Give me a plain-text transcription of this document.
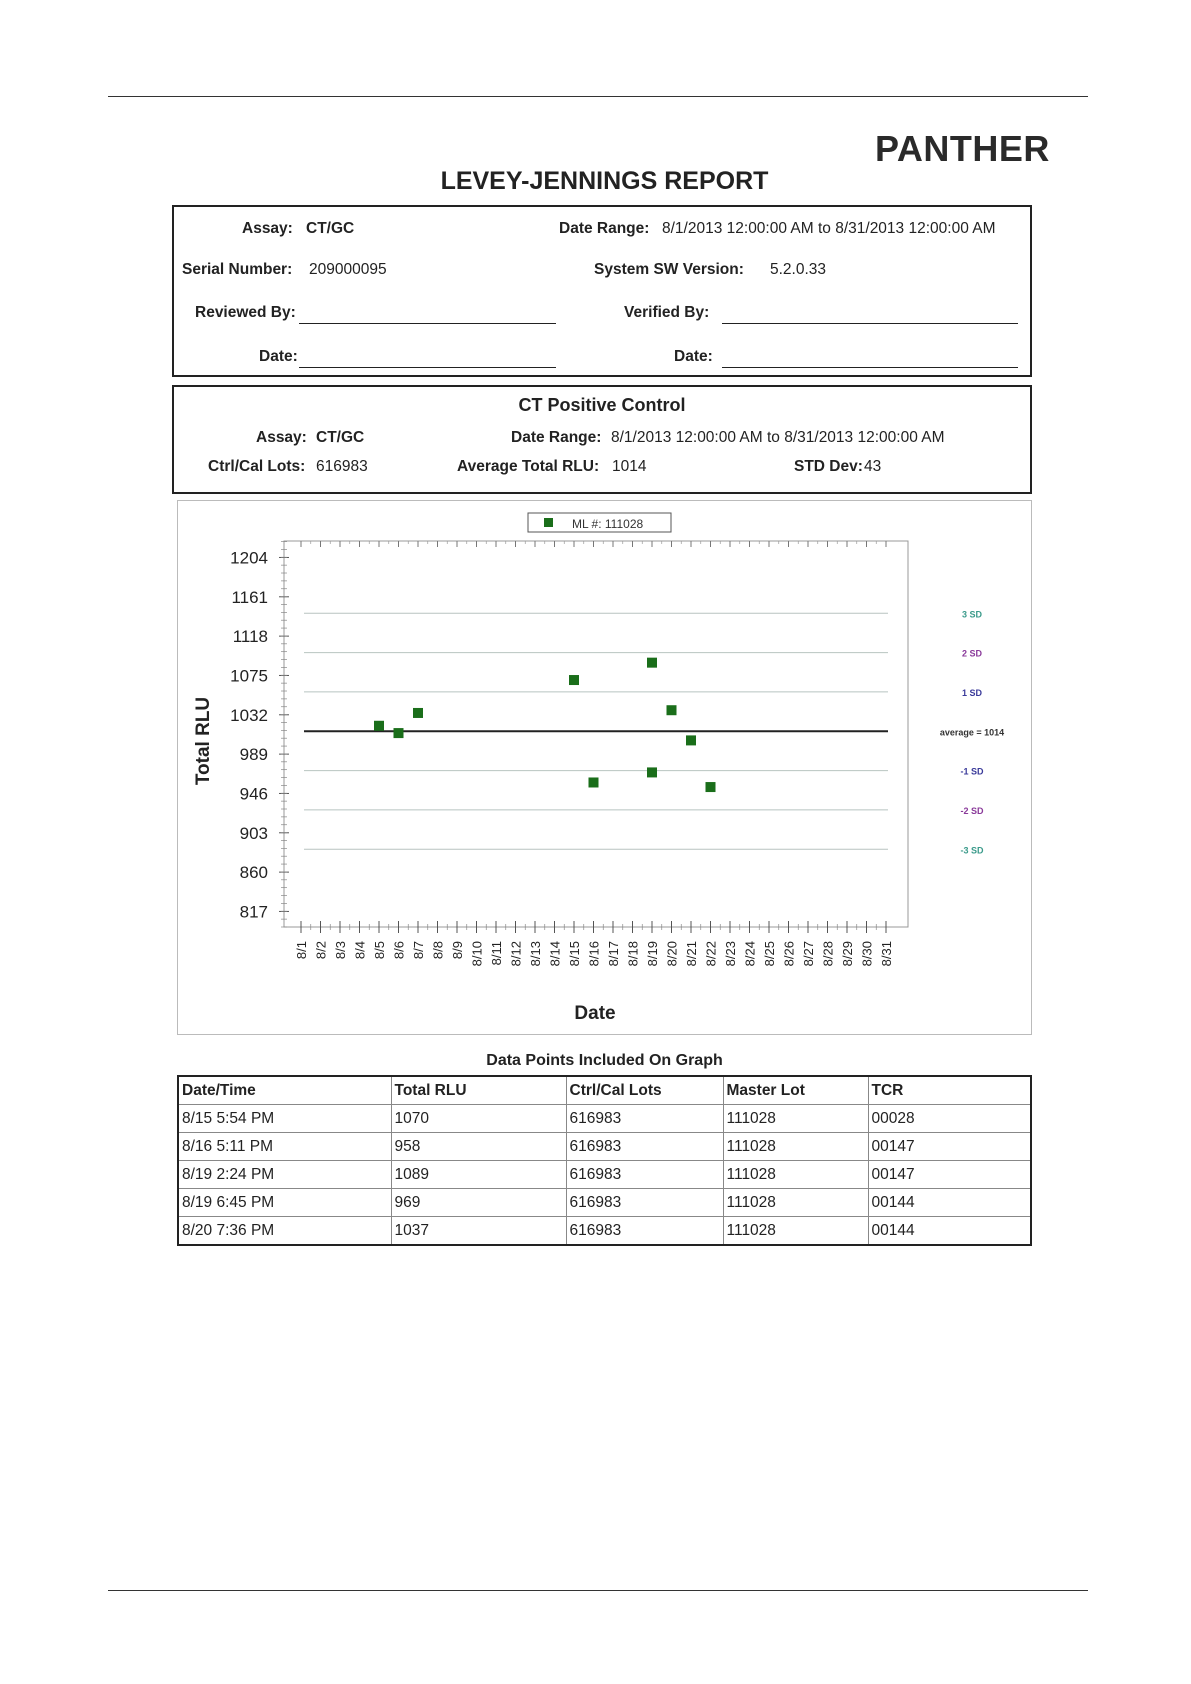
PANTHER
LEVEY-JENNINGS REPORT
Assay: CT/GC	Date Range: 8/1/2013 12:00:00 AM to 8/31/2013 12:00:00 AM
Serial Number: 209000095	System SW Version: 5.2.0.33
Reviewed By:	Verified By:
Date:	Date:
CT Positive Control
Assay: CT/GC	Date Range: 8/1/2013 12:00:00 AM to 8/31/2013 12:00:00 AM
Ctrl/Cal Lots: 616983	Average Total RLU: 1014	STD Dev: 43
ML #: 111028
Total RLU
Date
3 SD
2 SD
1 SD
average = 1014
-1 SD
-2 SD
-3 SD
817
860
903
946
989
1032
1075
1118
1161
1204
8/1 8/2 8/3 8/4 8/5 8/6 8/7 8/8 8/9 8/10 8/11 8/12 8/13 8/14 8/15 8/16 8/17 8/18 8/19 8/20 8/21 8/22 8/23 8/24 8/25 8/26 8/27 8/28 8/29 8/30 8/31
Data Points Included On Graph
Date/Time	Total RLU	Ctrl/Cal Lots	Master Lot	TCR
8/15 5:54 PM	1070	616983	111028	00028
8/16 5:11 PM	958	616983	111028	00147
8/19 2:24 PM	1089	616983	111028	00147
8/19 6:45 PM	969	616983	111028	00144
8/20 7:36 PM	1037	616983	111028	00144
